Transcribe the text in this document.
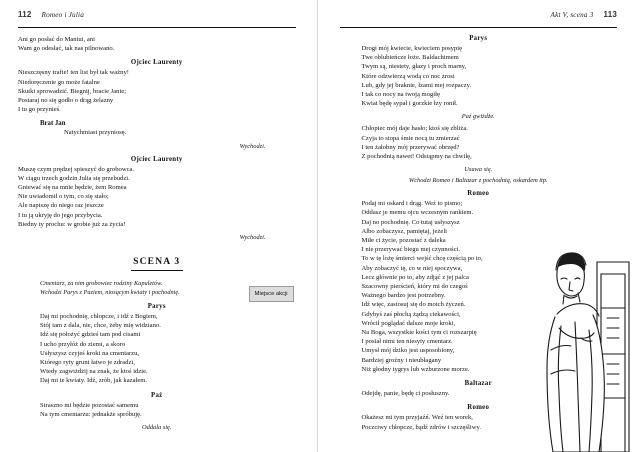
112 Romeo i Julia
Ani go posłać do Mantui, ani
Wam go odesłać, tak nas pilnowano.
Ojciec Laurenty
Nieszczęsny trafie! ten list był tak ważny!
Niedoręczenie go może fatalne
Skutki sprowadzić. Biegnij, bracie Janie;
Postaraj no się godło o drąg żelazny
I tu go przynieś.
Brat Jan
Natychmiast przyniosę.
Wychodzi.
Ojciec Laurenty
Muszę czym prędzej spieszyć do grobowca.
W ciągu trzech godzin Julia się przebudzi.
Gniewać się na mnie będzie, żem Romea
Nie uwiadomił o tym, co się stało;
Ale napiszę do niego raz jeszcze
I tu ją ukryję do jego przybycia.
Biedny ty prochu: w grobie już za życia!
Wychodzi.
SCENA 3
Cmentarz, za nim grobowiec rodziny Kapuletów.
Wchodzi Parys z Paziem, niosącym kwiaty i pochodnię.	Miejsce akcji
Parys
Daj mi pochodnię, chłopcze, i idź z Bogiem,
Stój tam z dala, nie, chce, żeby mię widziano.
Idź się położyć gdzieś tam pod cisami
I ucho przyłóż do ziemi, a skoro
Usłyszysz czyjeś kroki na cmentarzu,
Którego ryty grunt łatwo je zdradzi,
Wtedy zagwiżdżij na znak, że ktoś idzie.
Daj mi te kwiaty. Idź, zrób, jak kazałem.
Paź
Straszno mi będzie pozostać samemu
Na tym cmentarzu: jednakże spróbuję.
Oddala się.
Akt V, scena 3 113
Parys
Drogi mój kwiecie, kwieciem posypię
Twe oblubieńcze łoże. Baldachimem
Twym są, niestety, głazy i proch marny,
Które odzwierzą wodą co noc zrosi
Lub, gdy jej braknie, łzami mej rozpaczy.
I tak co nocy na twoją mogiłę
Kwiat będę sypał i gorzkie łzy ronił.
Paź gwiżdże.
Chłopiec mój daje hasło; ktoś się zbliża.
Czyja to stopa śmie nocą tu zmierzać
I ten żałobny mój przerywać obrzęd?
Z pochodnią nawet! Odstąpmy na chwilę,
Usuwa się.
Wchodzi Romeo i Baltazar z pochodnią, oskardem itp.
Romeo
Podaj mi oskard i drąg. Weź to pismo;
Oddasz je memu ojcu wczesnym rankiem.
Daj no pochodnię. Co tutaj usłyszysz
Albo zobaczysz, pamiętaj, jeżeli
Miłe ci życie, pozostać z daleka
I nie przerywać biegu mej czynności.
To w tę lożę śmierci wejść chcę częścią po to,
Aby zobaczyć tę, co w niej spoczywa,
Lecz głównie po to, aby zdjąć z jej palca
Szacowny pierścień, który mi do czegoś
Ważnego bardzo jest potrzebny.
Idź więc, zastosuj się do moich życzeń.
Gdybyś zaś płochą żądzą ciekawości,
Wrócił poglądać dalsze moje kroki,
Na Boga, wszystkie kości tym ci rozszarpię
I posiał nimi ten niesyty cmentarz.
Umysł mój dziko jest usposobiony,
Bardziej groźny i nieubłagany
Niż głodny tygrys lub wzburzone morze.
Baltazar
Odejdę, panie, będę ci posłuszny.
Romeo
Okażesz mi tym przyjaźń. Weź ten worek,
Poczciwy chłopcze, bądź zdrów i szczęśliwy.
